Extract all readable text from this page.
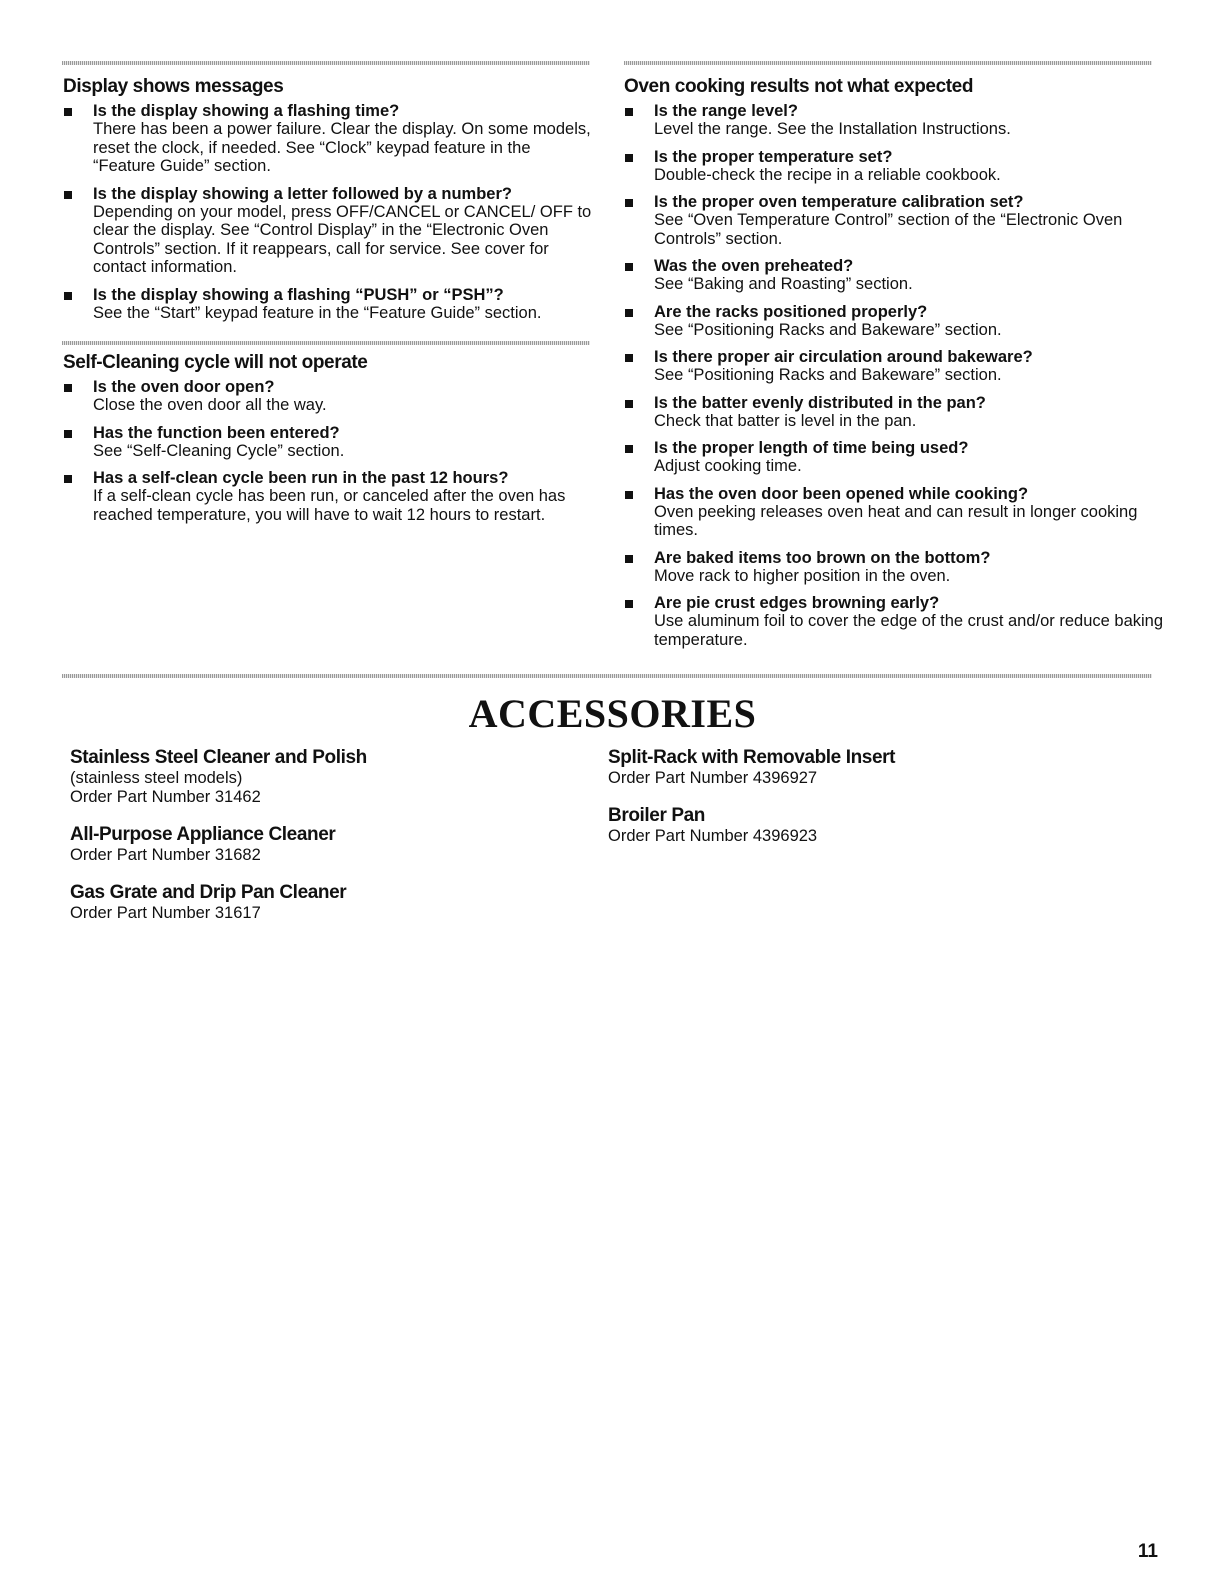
Display shows messages
Is the display showing a flashing time?
There has been a power failure. Clear the display. On some models, reset the clock, if needed. See “Clock” keypad feature in the “Feature Guide” section.
Is the display showing a letter followed by a number?
Depending on your model, press OFF/CANCEL or CANCEL/ OFF to clear the display. See “Control Display” in the “Electronic Oven Controls” section. If it reappears, call for service. See cover for contact information.
Is the display showing a flashing “PUSH” or “PSH”?
See the “Start” keypad feature in the “Feature Guide” section.
Self-Cleaning cycle will not operate
Is the oven door open?
Close the oven door all the way.
Has the function been entered?
See “Self-Cleaning Cycle” section.
Has a self-clean cycle been run in the past 12 hours?
If a self-clean cycle has been run, or canceled after the oven has reached temperature, you will have to wait 12 hours to restart.
Oven cooking results not what expected
Is the range level?
Level the range. See the Installation Instructions.
Is the proper temperature set?
Double-check the recipe in a reliable cookbook.
Is the proper oven temperature calibration set?
See “Oven Temperature Control” section of the “Electronic Oven Controls” section.
Was the oven preheated?
See “Baking and Roasting” section.
Are the racks positioned properly?
See “Positioning Racks and Bakeware” section.
Is there proper air circulation around bakeware?
See “Positioning Racks and Bakeware” section.
Is the batter evenly distributed in the pan?
Check that batter is level in the pan.
Is the proper length of time being used?
Adjust cooking time.
Has the oven door been opened while cooking?
Oven peeking releases oven heat and can result in longer cooking times.
Are baked items too brown on the bottom?
Move rack to higher position in the oven.
Are pie crust edges browning early?
Use aluminum foil to cover the edge of the crust and/or reduce baking temperature.
ACCESSORIES
Stainless Steel Cleaner and Polish
(stainless steel models)
Order Part Number 31462
All-Purpose Appliance Cleaner
Order Part Number 31682
Gas Grate and Drip Pan Cleaner
Order Part Number 31617
Split-Rack with Removable Insert
Order Part Number 4396927
Broiler Pan
Order Part Number 4396923
11
